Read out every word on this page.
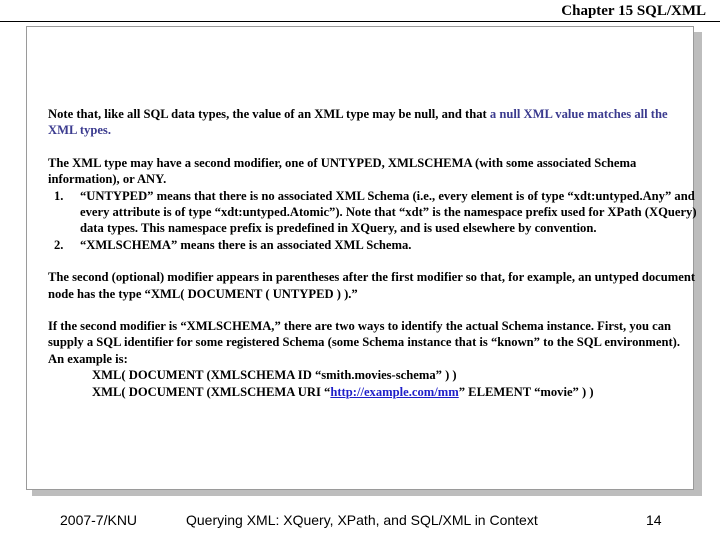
Chapter 15 SQL/XML

Note that, like all SQL data types, the value of an XML type may be null, and that a null XML value matches all the XML types.

The XML type may have a second modifier, one of UNTYPED, XMLSCHEMA (with some associated Schema information), or ANY.

1. “UNTYPED” means that there is no associated XML Schema (i.e., every element is of type “xdt:untyped.Any” and every attribute is of type “xdt:untyped.Atomic”). Note that “xdt” is the namespace prefix used for XPath (XQuery) data types. This namespace prefix is predefined in XQuery, and is used elsewhere by convention.
2. “XMLSCHEMA” means there is an associated XML Schema.

The second (optional) modifier appears in parentheses after the first modifier so that, for example, an untyped document node has the type “XML( DOCUMENT ( UNTYPED ) ).”

If the second modifier is “XMLSCHEMA,” there are two ways to identify the actual Schema instance. First, you can supply a SQL identifier for some registered Schema (some Schema instance that is “known” to the SQL environment). An example is:

XML( DOCUMENT (XMLSCHEMA ID “smith.movies-schema” ) )

XML( DOCUMENT (XMLSCHEMA URI “http://example.com/mm” ELEMENT “movie” ) )

2007-7/KNU	Querying XML: XQuery, XPath, and SQL/XML in Context	14
